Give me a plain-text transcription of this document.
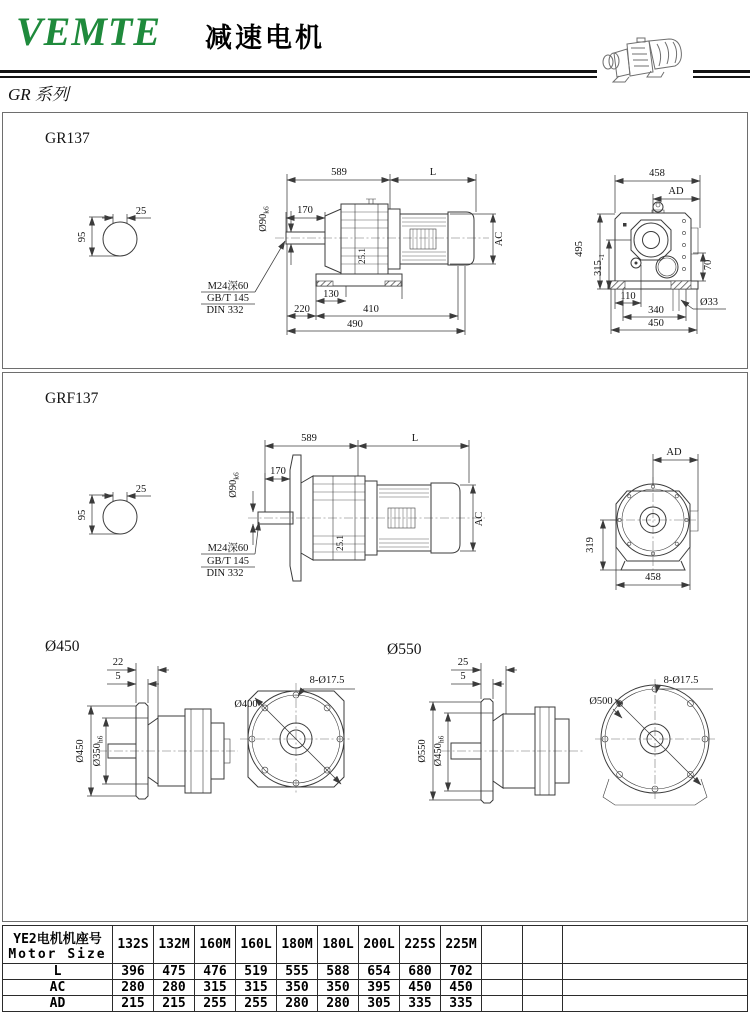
VEMTE 减速电机
GR 系列
GR137
25
95
589	L
170
$Ø90_{k6}$
AC
25.1
M24深60
GB/T 145
DIN 332
130
220	410
490
458
AD
495
$315_{-1}$
70
110
340
450
Ø33
GRF137
25
95
589	L
170
$Ø90_{k6}$
AC
25.1
M24深60
GB/T 145
DIN 332
AD
319
458
Ø450
22
5
Ø450 $Ø350_{h6}$
Ø400
8-Ø17.5
Ø550
25
5
Ø550 $Ø450_{h6}$
Ø500
8-Ø17.5
YE2电机机座号
Motor Size	132S	132M	160M	160L	180M	180L	200L	225S	225M			
L	396	475	476	519	555	588	654	680	702			
AC	280	280	315	315	350	350	395	450	450			
AD	215	215	255	255	280	280	305	335	335			
